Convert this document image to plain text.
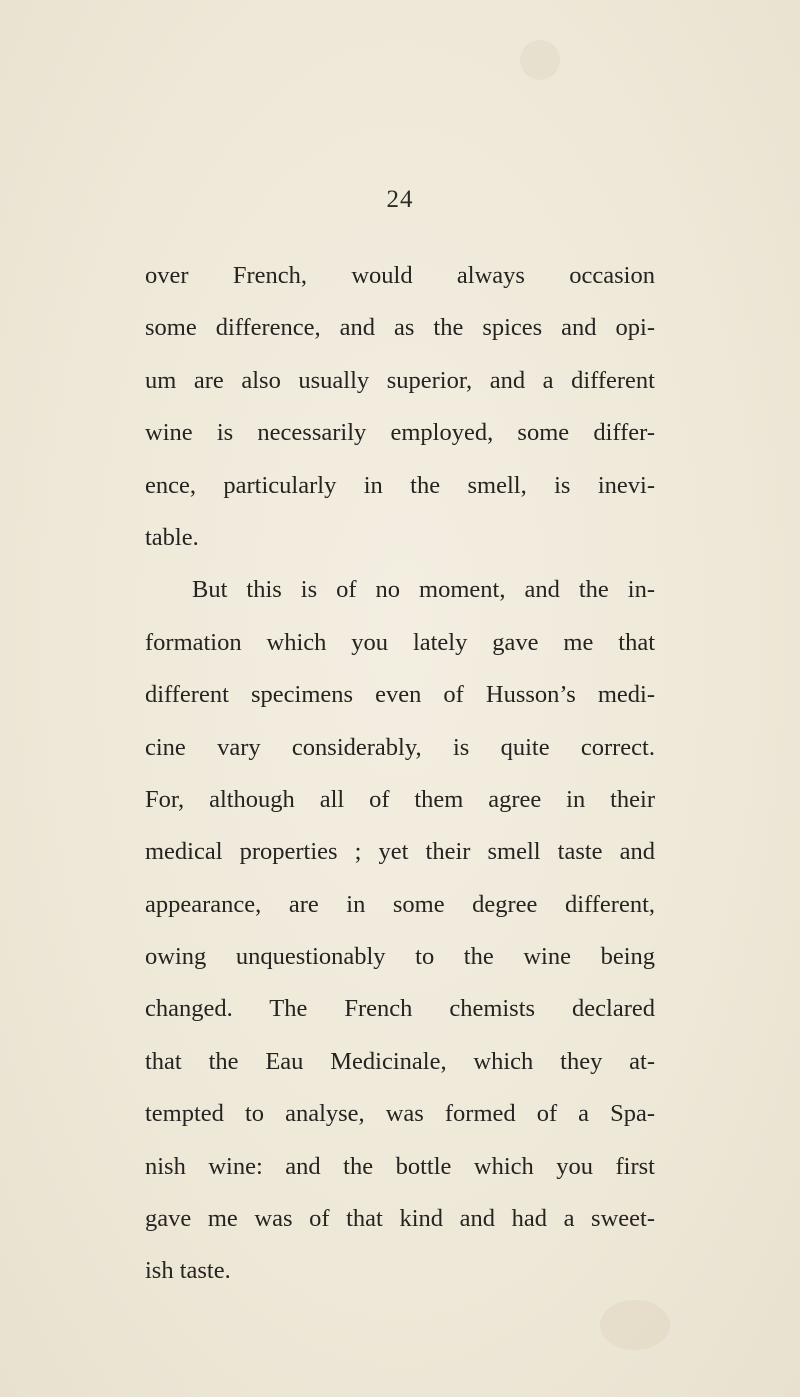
24
over French, would always occasion
some difference, and as the spices and opi-
um are also usually superior, and a different
wine is necessarily employed, some differ-
ence, particularly in the smell, is inevi-
table.
But this is of no moment, and the in-
formation which you lately gave me that
different specimens even of Husson’s medi-
cine vary considerably, is quite correct.
For, although all of them agree in their
medical properties ; yet their smell taste and
appearance, are in some degree different,
owing unquestionably to the wine being
changed. The French chemists declared
that the Eau Medicinale, which they at-
tempted to analyse, was formed of a Spa-
nish wine: and the bottle which you first
gave me was of that kind and had a sweet-
ish taste.
